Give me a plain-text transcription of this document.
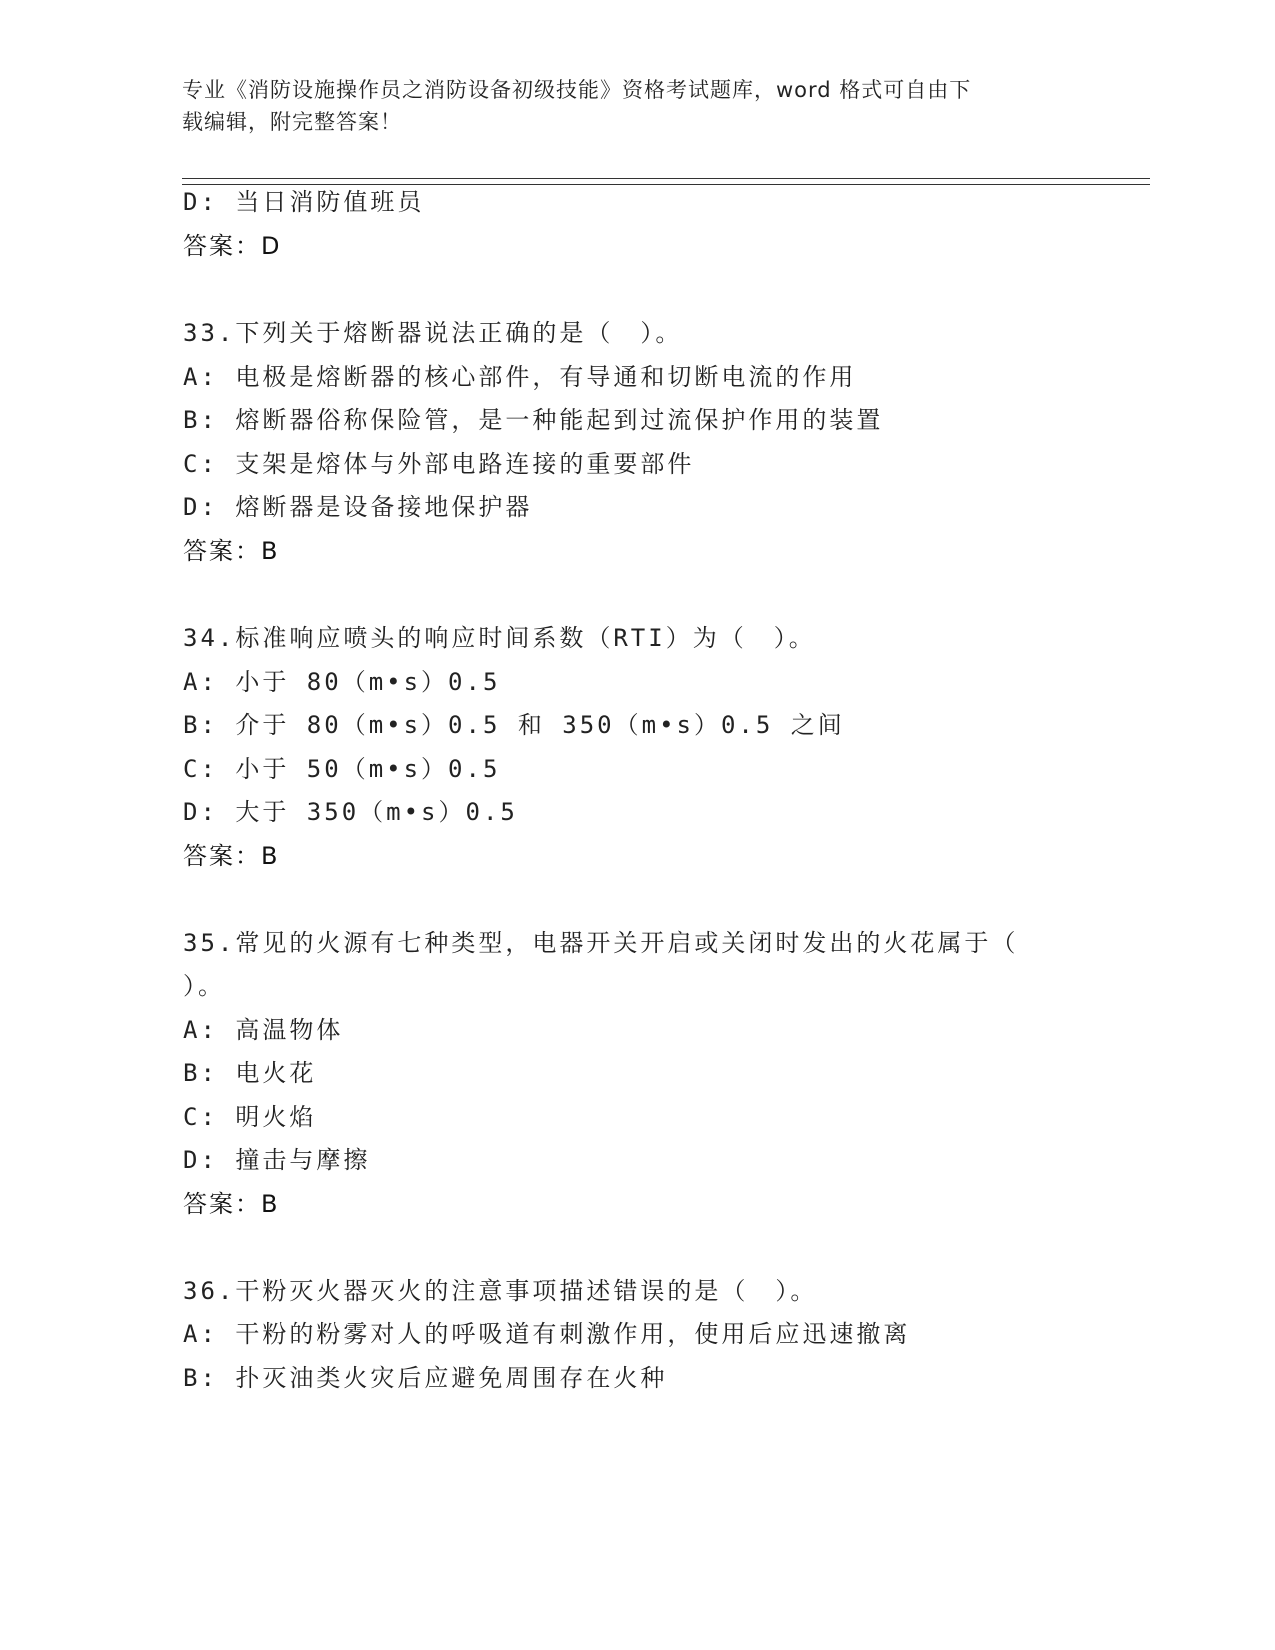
专业《消防设施操作员之消防设备初级技能》资格考试题库，word 格式可自由下
载编辑，附完整答案！
D: 当日消防值班员
答案：D
33.下列关于熔断器说法正确的是（　）。
A: 电极是熔断器的核心部件，有导通和切断电流的作用
B: 熔断器俗称保险管，是一种能起到过流保护作用的装置
C: 支架是熔体与外部电路连接的重要部件
D: 熔断器是设备接地保护器
答案：B
34.标准响应喷头的响应时间系数（RTI）为（　）。
A: 小于 80（m•s）0.5
B: 介于 80（m•s）0.5 和 350（m•s）0.5 之间
C: 小于 50（m•s）0.5
D: 大于 350（m•s）0.5
答案：B
35.常见的火源有七种类型，电器开关开启或关闭时发出的火花属于（
）。
A: 高温物体
B: 电火花
C: 明火焰
D: 撞击与摩擦
答案：B
36.干粉灭火器灭火的注意事项描述错误的是（　）。
A: 干粉的粉雾对人的呼吸道有刺激作用，使用后应迅速撤离
B: 扑灭油类火灾后应避免周围存在火种
